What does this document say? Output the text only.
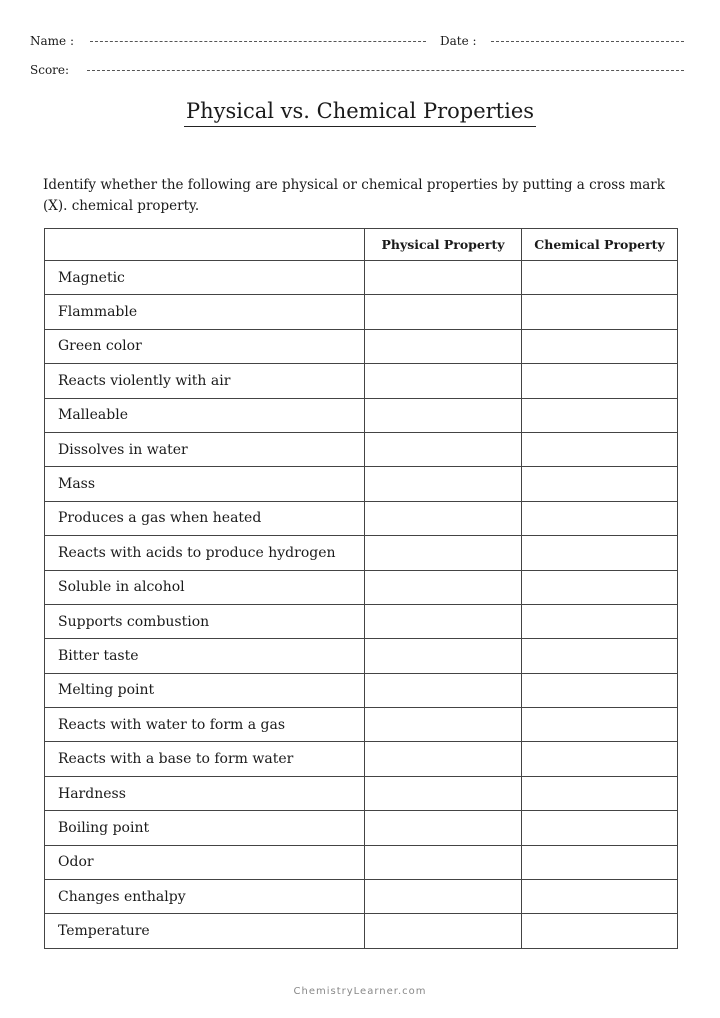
Name :	Date :
Score:
Physical vs. Chemical Properties
Identify whether the following are physical or chemical properties by putting a cross mark (X). chemical property.
	Physical Property	Chemical Property
Magnetic		
Flammable		
Green color		
Reacts violently with air		
Malleable		
Dissolves in water		
Mass		
Produces a gas when heated		
Reacts with acids to produce hydrogen		
Soluble in alcohol		
Supports combustion		
Bitter taste		
Melting point		
Reacts with water to form a gas		
Reacts with a base to form water		
Hardness		
Boiling point		
Odor		
Changes enthalpy		
Temperature		
ChemistryLearner.com
